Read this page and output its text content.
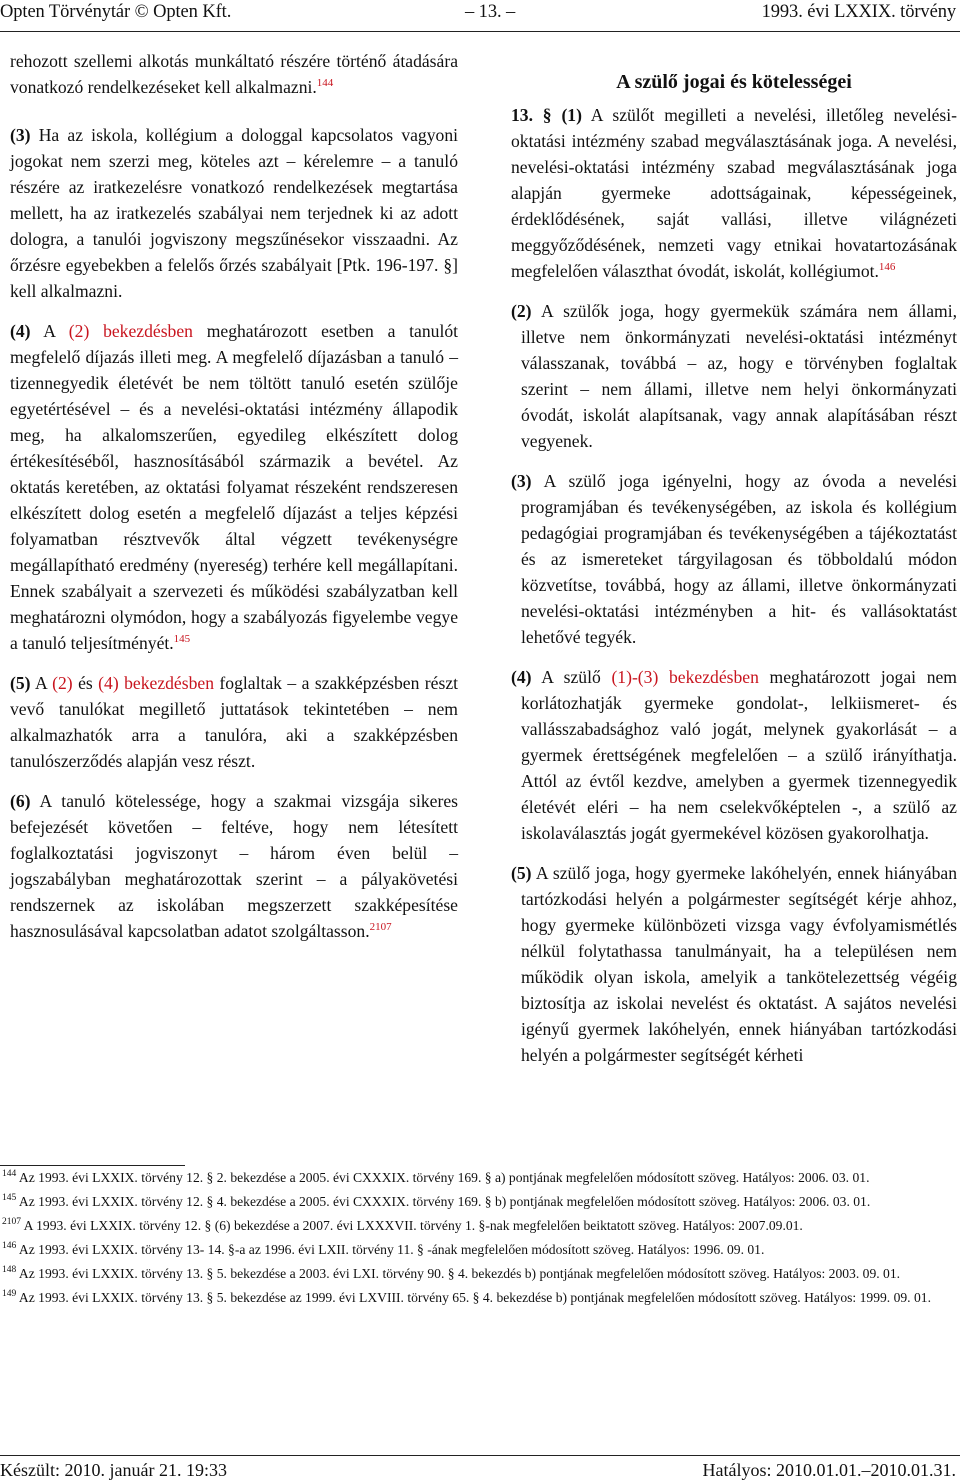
Opten Törvénytár © Opten Kft.	– 13. –	1993. évi LXXIX. törvény

rehozott szellemi alkotás munkáltató részére történő átadására vonatkozó rendelkezéseket kell alkalmazni.$^{144}$

(3) Ha az iskola, kollégium a dologgal kapcsolatos vagyoni jogokat nem szerzi meg, köteles azt – kérelemre – a tanuló részére az iratkezelésre vonatkozó rendelkezések megtartása mellett, ha az iratkezelés szabályai nem terjednek ki az adott dologra, a tanulói jogviszony megszűnésekor visszaadni. Az őrzésre egyebekben a felelős őrzés szabályait [Ptk. 196-197. §] kell alkalmazni.

(4) A (2) bekezdésben meghatározott esetben a tanulót megfelelő díjazás illeti meg. A megfelelő díjazásban a tanuló – tizennegyedik életévét be nem töltött tanuló esetén szülője egyetértésével – és a nevelési-oktatási intézmény állapodik meg, ha alkalomszerűen, egyedileg elkészített dolog értékesítéséből, hasznosításából származik a bevétel. Az oktatás keretében, az oktatási folyamat részeként rendszeresen elkészített dolog esetén a megfelelő díjazást a teljes képzési folyamatban résztvevők által végzett tevékenységre megállapítható eredmény (nyereség) terhére kell megállapítani. Ennek szabályait a szervezeti és működési szabályzatban kell meghatározni olymódon, hogy a szabályozás figyelembe vegye a tanuló teljesítményét.$^{145}$

(5) A (2) és (4) bekezdésben foglaltak – a szakképzésben részt vevő tanulókat megillető juttatások tekintetében – nem alkalmazhatók arra a tanulóra, aki a szakképzésben tanulószerződés alapján vesz részt.

(6) A tanuló kötelessége, hogy a szakmai vizsgája sikeres befejezését követően – feltéve, hogy nem létesített foglalkoztatási jogviszonyt – három éven belül – jogszabályban meghatározottak szerint – a pályakövetési rendszernek az iskolában megszerzett szakképesítése hasznosulásával kapcsolatban adatot szolgáltasson.$^{2107}$

A szülő jogai és kötelességei

13. § (1) A szülőt megilleti a nevelési, illetőleg nevelési-oktatási intézmény szabad megválasztásának joga. A nevelési, nevelési-oktatási intézmény szabad megválasztásának joga alapján gyermeke adottságainak, képességeinek, érdeklődésének, saját vallási, illetve világnézeti meggyőződésének, nemzeti vagy etnikai hovatartozásának megfelelően választhat óvodát, iskolát, kollégiumot.$^{146}$

(2) A szülők joga, hogy gyermekük számára nem állami, illetve nem önkormányzati nevelési-oktatási intézményt válasszanak, továbbá – az, hogy e törvényben foglaltak szerint – nem állami, illetve nem helyi önkormányzati óvodát, iskolát alapítsanak, vagy annak alapításában részt vegyenek.

(3) A szülő joga igényelni, hogy az óvoda a nevelési programjában és tevékenységében, az iskola és kollégium pedagógiai programjában és tevékenységében a tájékoztatást és az ismereteket tárgyilagosan és többoldalú módon közvetítse, továbbá, hogy az állami, illetve önkormányzati nevelési-oktatási intézményben a hit- és vallásoktatást lehetővé tegyék.

(4) A szülő (1)-(3) bekezdésben meghatározott jogai nem korlátozhatják gyermeke gondolat-, lelkiismeret- és vallásszabadsághoz való jogát, melynek gyakorlását – a gyermek érettségének megfelelően – a szülő irányíthatja. Attól az évtől kezdve, amelyben a gyermek tizennegyedik életévét eléri – ha nem cselekvőképtelen -, a szülő az iskolaválasztás jogát gyermekével közösen gyakorolhatja.

(5) A szülő joga, hogy gyermeke lakóhelyén, ennek hiányában tartózkodási helyén a polgármester segítségét kérje ahhoz, hogy gyermeke különbözeti vizsga vagy évfolyamismétlés nélkül folytathassa tanulmányait, ha a településen nem működik olyan iskola, amelyik a tankötelezettség végéig biztosítja az iskolai nevelést és oktatást. A sajátos nevelési igényű gyermek lakóhelyén, ennek hiányában tartózkodási helyén a polgármester segítségét kérheti

$^{144}$ Az 1993. évi LXXIX. törvény 12. § 2. bekezdése a 2005. évi CXXXIX. törvény 169. § a) pontjának megfelelően módosított szöveg. Hatályos: 2006. 03. 01.

$^{145}$ Az 1993. évi LXXIX. törvény 12. § 4. bekezdése a 2005. évi CXXXIX. törvény 169. § b) pontjának megfelelően módosított szöveg. Hatályos: 2006. 03. 01.

$^{2107}$ A 1993. évi LXXIX. törvény 12. § (6) bekezdése a 2007. évi LXXXVII. törvény 1. §-nak megfelelően beiktatott szöveg. Hatályos: 2007.09.01.

$^{146}$ Az 1993. évi LXXIX. törvény 13- 14. §-a az 1996. évi LXII. törvény 11. § -ának megfelelően módosított szöveg. Hatályos: 1996. 09. 01.

$^{148}$ Az 1993. évi LXXIX. törvény 13. § 5. bekezdése a 2003. évi LXI. törvény 90. § 4. bekezdés b) pontjának megfelelően módosított szöveg. Hatályos: 2003. 09. 01.

$^{149}$ Az 1993. évi LXXIX. törvény 13. § 5. bekezdése az 1999. évi LXVIII. törvény 65. § 4. bekezdése b) pontjának megfelelően módosított szöveg. Hatályos: 1999. 09. 01.

Készült: 2010. január 21. 19:33	Hatályos: 2010.01.01.–2010.01.31.
